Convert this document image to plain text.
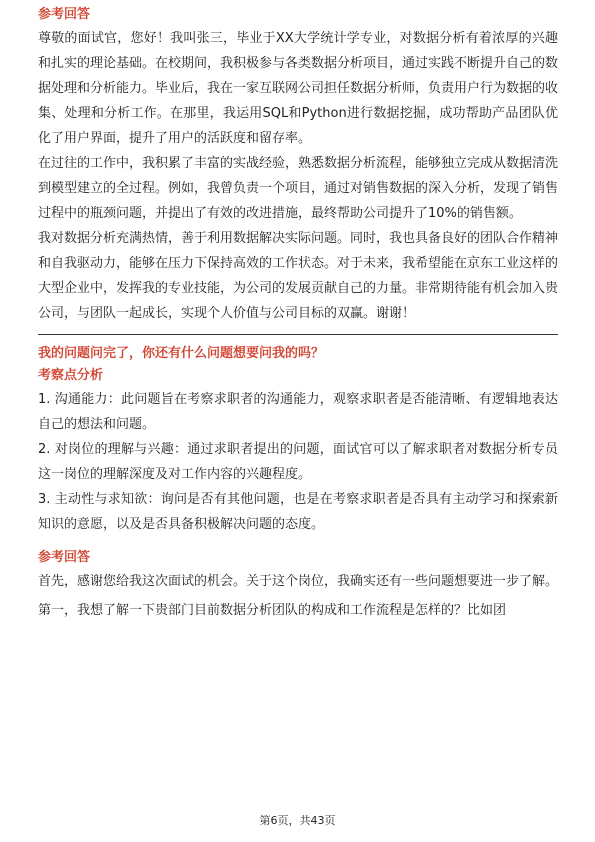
参考回答

尊敬的面试官，您好！我叫张三，毕业于XX大学统计学专业，对数据分析有着浓厚的兴趣和扎实的理论基础。在校期间，我积极参与各类数据分析项目，通过实践不断提升自己的数据处理和分析能力。毕业后，我在一家互联网公司担任数据分析师，负责用户行为数据的收集、处理和分析工作。在那里，我运用SQL和Python进行数据挖掘，成功帮助产品团队优化了用户界面，提升了用户的活跃度和留存率。

在过往的工作中，我积累了丰富的实战经验，熟悉数据分析流程，能够独立完成从数据清洗到模型建立的全过程。例如，我曾负责一个项目，通过对销售数据的深入分析，发现了销售过程中的瓶颈问题，并提出了有效的改进措施，最终帮助公司提升了10%的销售额。

我对数据分析充满热情，善于利用数据解决实际问题。同时，我也具备良好的团队合作精神和自我驱动力，能够在压力下保持高效的工作状态。对于未来，我希望能在京东工业这样的大型企业中，发挥我的专业技能，为公司的发展贡献自己的力量。非常期待能有机会加入贵公司，与团队一起成长，实现个人价值与公司目标的双赢。谢谢！

我的问题问完了，你还有什么问题想要问我的吗？

考察点分析

1. 沟通能力：此问题旨在考察求职者的沟通能力，观察求职者是否能清晰、有逻辑地表达自己的想法和问题。

2. 对岗位的理解与兴趣：通过求职者提出的问题，面试官可以了解求职者对数据分析专员这一岗位的理解深度及对工作内容的兴趣程度。

3. 主动性与求知欲：询问是否有其他问题，也是在考察求职者是否具有主动学习和探索新知识的意愿，以及是否具备积极解决问题的态度。

参考回答

首先，感谢您给我这次面试的机会。关于这个岗位，我确实还有一些问题想要进一步了解。

第一，我想了解一下贵部门目前数据分析团队的构成和工作流程是怎样的？比如团

第6页，共43页
